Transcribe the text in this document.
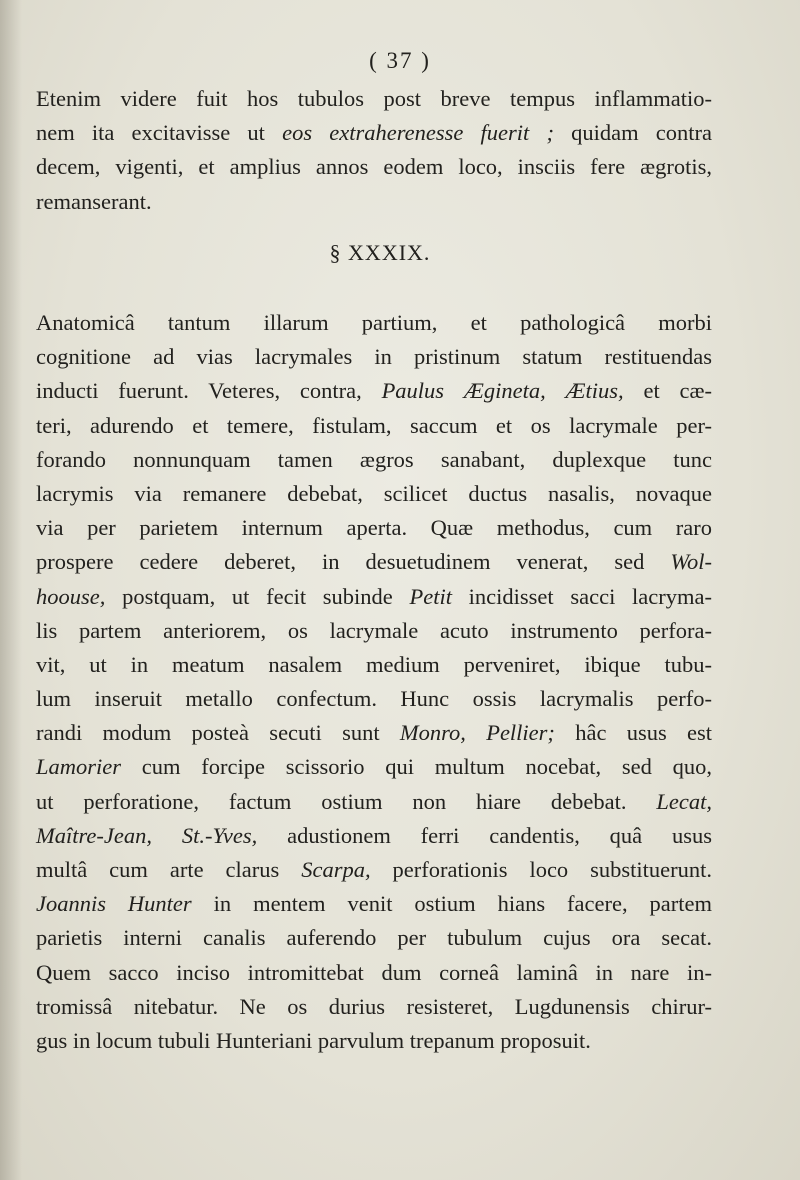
( 37 )
Etenim videre fuit hos tubulos post breve tempus inflammatio-
nem ita excitavisse ut eos extraherenesse fuerit ; quidam contra
decem, vigenti, et amplius annos eodem loco, insciis fere ægrotis,
remanserant.
§ XXXIX.
Anatomicâ tantum illarum partium, et pathologicâ morbi
cognitione ad vias lacrymales in pristinum statum restituendas
inducti fuerunt. Veteres, contra, Paulus Ægineta, Ætius, et cæ-
teri, adurendo et temere, fistulam, saccum et os lacrymale per-
forando nonnunquam tamen ægros sanabant, duplexque tunc
lacrymis via remanere debebat, scilicet ductus nasalis, novaque
via per parietem internum aperta. Quæ methodus, cum raro
prospere cedere deberet, in desuetudinem venerat, sed Wol-
hoouse, postquam, ut fecit subinde Petit incidisset sacci lacryma-
lis partem anteriorem, os lacrymale acuto instrumento perfora-
vit, ut in meatum nasalem medium perveniret, ibique tubu-
lum inseruit metallo confectum. Hunc ossis lacrymalis perfo-
randi modum posteà secuti sunt Monro, Pellier; hâc usus est
Lamorier cum forcipe scissorio qui multum nocebat, sed quo,
ut perforatione, factum ostium non hiare debebat. Lecat,
Maître-Jean, St.-Yves, adustionem ferri candentis, quâ usus
multâ cum arte clarus Scarpa, perforationis loco substituerunt.
Joannis Hunter in mentem venit ostium hians facere, partem
parietis interni canalis auferendo per tubulum cujus ora secat.
Quem sacco inciso intromittebat dum corneâ laminâ in nare in-
tromissâ nitebatur. Ne os durius resisteret, Lugdunensis chirur-
gus in locum tubuli Hunteriani parvulum trepanum proposuit.
